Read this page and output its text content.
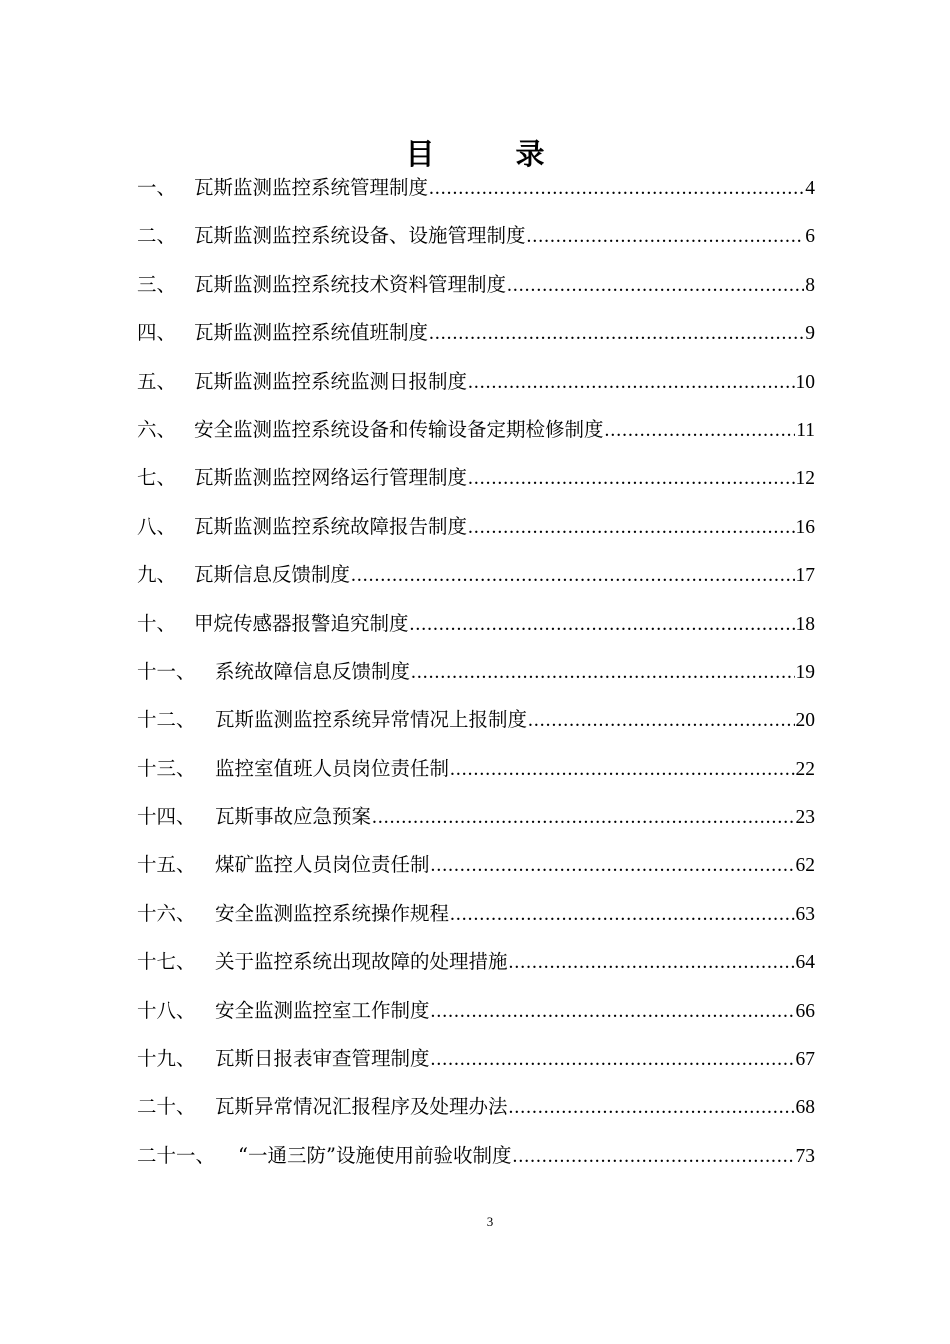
目　录
一、 瓦斯监测监控系统管理制度 .....	4
二、 瓦斯监测监控系统设备、设施管理制度 .....	6
三、 瓦斯监测监控系统技术资料管理制度 .....	8
四、 瓦斯监测监控系统值班制度 .....	9
五、 瓦斯监测监控系统监测日报制度 .....	10
六、 安全监测监控系统设备和传输设备定期检修制度 .....	11
七、 瓦斯监测监控网络运行管理制度 .....	12
八、 瓦斯监测监控系统故障报告制度 .....	16
九、 瓦斯信息反馈制度 .....	17
十、 甲烷传感器报警追究制度 .....	18
十一、 系统故障信息反馈制度 .....	19
十二、 瓦斯监测监控系统异常情况上报制度 .....	20
十三、 监控室值班人员岗位责任制 .....	22
十四、 瓦斯事故应急预案 .....	23
十五、 煤矿监控人员岗位责任制 .....	62
十六、 安全监测监控系统操作规程 .....	63
十七、 关于监控系统出现故障的处理措施 .....	64
十八、 安全监测监控室工作制度 .....	66
十九、 瓦斯日报表审查管理制度 .....	67
二十、 瓦斯异常情况汇报程序及处理办法 .....	68
二十一、	“一通三防”设施使用前验收制度 .....	73
3
